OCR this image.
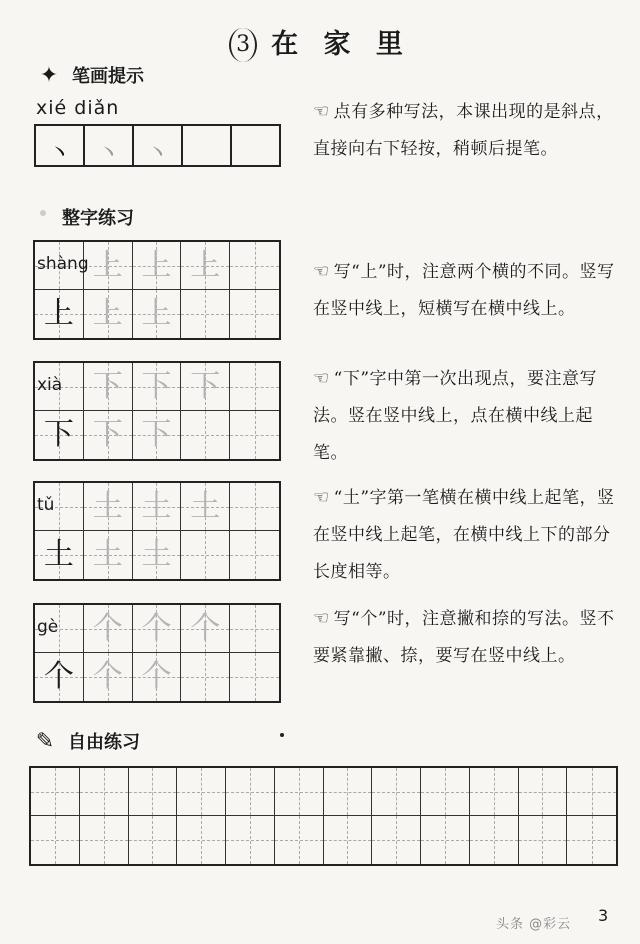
3 在 家 里
✦ 笔画提示
xié diǎn
丶	丶	丶
☜ 点有多种写法，本课出现的是斜点，直接向右下轻按，稍顿后提笔。
整字练习
shàng 上 上 上
上 上 上
☜ 写“上”时，注意两个横的不同。竖写在竖中线上，短横写在横中线上。
xià 下 下 下
下 下 下
☜ “下”字中第一次出现点，要注意写法。竖在竖中线上，点在横中线上起笔。
tǔ 土 土 土
土 土 土
☜ “土”字第一笔横在横中线上起笔，竖在竖中线上起笔，在横中线上下的部分长度相等。
gè 个 个 个
个 个 个
☜ 写“个”时，注意撇和捺的写法。竖不要紧靠撇、捺，要写在竖中线上。
✎ 自由练习
头条 @彩云 3
